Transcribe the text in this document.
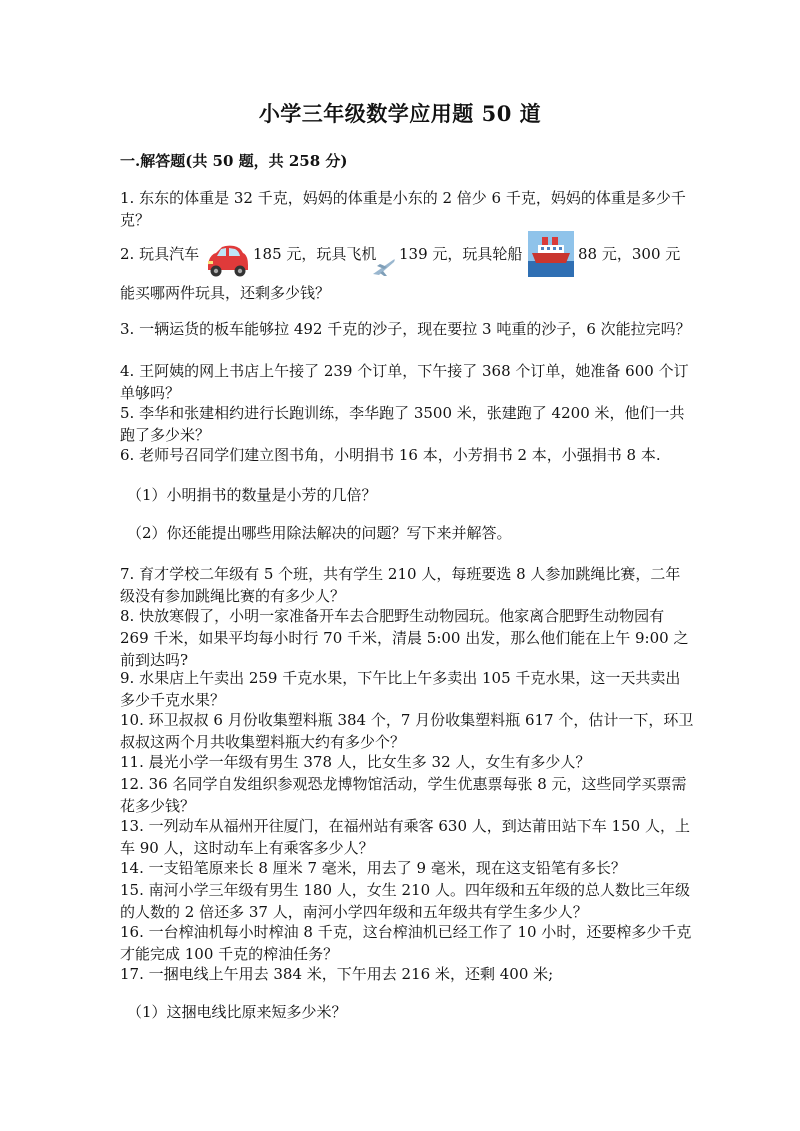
小学三年级数学应用题 50 道
一.解答题(共 50 题，共 258 分)

1. 东东的体重是 32 千克，妈妈的体重是小东的 2 倍少 6 千克，妈妈的体重是多少千克？

2. 玩具汽车	185 元，玩具飞机 139 元，玩具轮船	88 元，300 元

能买哪两件玩具，还剩多少钱？

3. 一辆运货的板车能够拉 492 千克的沙子，现在要拉 3 吨重的沙子，6 次能拉完吗？

4. 王阿姨的网上书店上午接了 239 个订单，下午接了 368 个订单，她准备 600 个订单够吗？

5. 李华和张建相约进行长跑训练，李华跑了 3500 米，张建跑了 4200 米，他们一共跑了多少米？

6. 老师号召同学们建立图书角，小明捐书 16 本，小芳捐书 2 本，小强捐书 8 本.

（1）小明捐书的数量是小芳的几倍？

（2）你还能提出哪些用除法解决的问题？写下来并解答。

7. 育才学校二年级有 5 个班，共有学生 210 人，每班要选 8 人参加跳绳比赛，二年级没有参加跳绳比赛的有多少人？

8. 快放寒假了，小明一家准备开车去合肥野生动物园玩。他家离合肥野生动物园有 269 千米，如果平均每小时行 70 千米，清晨 5:00 出发，那么他们能在上午 9:00 之前到达吗?

9. 水果店上午卖出 259 千克水果，下午比上午多卖出 105 千克水果，这一天共卖出多少千克水果？

10. 环卫叔叔 6 月份收集塑料瓶 384 个，7 月份收集塑料瓶 617 个，估计一下，环卫叔叔这两个月共收集塑料瓶大约有多少个？

11. 晨光小学一年级有男生 378 人，比女生多 32 人，女生有多少人？

12. 36 名同学自发组织参观恐龙博物馆活动，学生优惠票每张 8 元，这些同学买票需花多少钱？

13. 一列动车从福州开往厦门，在福州站有乘客 630 人，到达莆田站下车 150 人，上车 90 人，这时动车上有乘客多少人？

14. 一支铅笔原来长 8 厘米 7 毫米，用去了 9 毫米，现在这支铅笔有多长？

15. 南河小学三年级有男生 180 人，女生 210 人。四年级和五年级的总人数比三年级的人数的 2 倍还多 37 人，南河小学四年级和五年级共有学生多少人？

16. 一台榨油机每小时榨油 8 千克，这台榨油机已经工作了 10 小时，还要榨多少千克才能完成 100 千克的榨油任务？

17. 一捆电线上午用去 384 米，下午用去 216 米，还剩 400 米;

（1）这捆电线比原来短多少米？
